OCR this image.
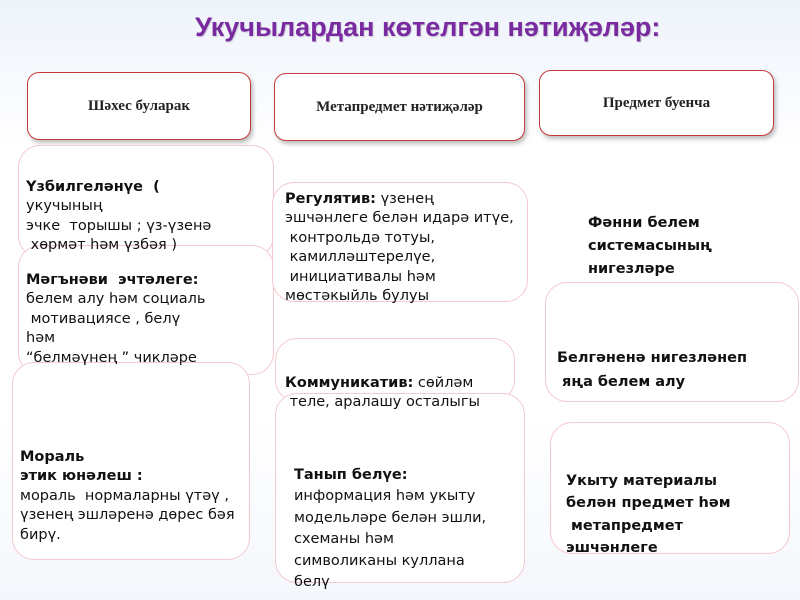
Укучылардан көтелгән нәтиҗәләр:
Шәхес буларак	Метапредмет нәтиҗәләр	Предмет буенча

Үзбилгеләнүе  (
укучының
эчке  торышы ; үз-үзенә
хөрмәт һәм үзбәя )

Мәгънәви  эчтәлеге:
белем алу һәм социаль
мотивациясе , белү
һәм
“белмәүнең ” чикләре

Мораль
этик юнәлеш :
мораль  нормаларны үтәү ,
үзенең эшләренә дөрес бәя
бирү.

Регулятив: үзенең
эшчәнлеге белән идарә итүе,
контрольдә тотуы,
камилләштерелүе,
инициативалы һәм
мөстәкыйль булуы

Коммуникатив: сөйләм
теле, аралашу осталыгы

Танып белүе:
информация һәм укыту
модельләре белән эшли,
схеманы һәм
символиканы куллана
белү

Фәнни белем
системасының
нигезләре

Белгәненә нигезләнеп
яңа белем алу

Укыту материалы
белән предмет һәм
метапредмет
эшчәнлеге
